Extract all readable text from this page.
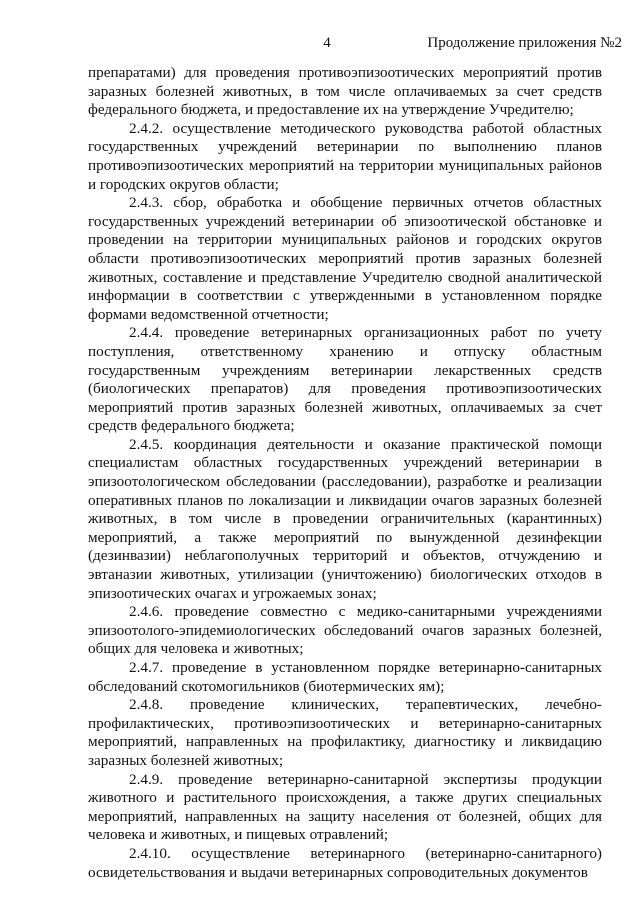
4	Продолжение приложения №2

препаратами) для проведения противоэпизоотических мероприятий против заразных болезней животных, в том числе оплачиваемых за счет средств федерального бюджета, и предоставление их на утверждение Учредителю;

2.4.2. осуществление методического руководства работой областных государственных учреждений ветеринарии по выполнению планов противоэпизоотических мероприятий на территории муниципальных районов и городских округов области;

2.4.3. сбор, обработка и обобщение первичных отчетов областных государственных учреждений ветеринарии об эпизоотической обстановке и проведении на территории муниципальных районов и городских округов области противоэпизоотических мероприятий против заразных болезней животных, составление и представление Учредителю сводной аналитической информации в соответствии с утвержденными в установленном порядке формами ведомственной отчетности;

2.4.4. проведение ветеринарных организационных работ по учету поступления, ответственному хранению и отпуску областным государственным учреждениям ветеринарии лекарственных средств (биологических препаратов) для проведения противоэпизоотических мероприятий против заразных болезней животных, оплачиваемых за счет средств федерального бюджета;

2.4.5. координация деятельности и оказание практической помощи специалистам областных государственных учреждений ветеринарии в эпизоотологическом обследовании (расследовании), разработке и реализации оперативных планов по локализации и ликвидации очагов заразных болезней животных, в том числе в проведении ограничительных (карантинных) мероприятий, а также мероприятий по вынужденной дезинфекции (дезинвазии) неблагополучных территорий и объектов, отчуждению и эвтаназии животных, утилизации (уничтожению) биологических отходов в эпизоотических очагах и угрожаемых зонах;

2.4.6. проведение совместно с медико-санитарными учреждениями эпизоотолого-эпидемиологических обследований очагов заразных болезней, общих для человека и животных;

2.4.7. проведение в установленном порядке ветеринарно-санитарных обследований скотомогильников (биотермических ям);

2.4.8. проведение клинических, терапевтических, лечебно-профилактических, противоэпизоотических и ветеринарно-санитарных мероприятий, направленных на профилактику, диагностику и ликвидацию заразных болезней животных;

2.4.9. проведение ветеринарно-санитарной экспертизы продукции животного и растительного происхождения, а также других специальных мероприятий, направленных на защиту населения от болезней, общих для человека и животных, и пищевых отравлений;

2.4.10. осуществление ветеринарного (ветеринарно-санитарного) освидетельствования и выдачи ветеринарных сопроводительных документов
